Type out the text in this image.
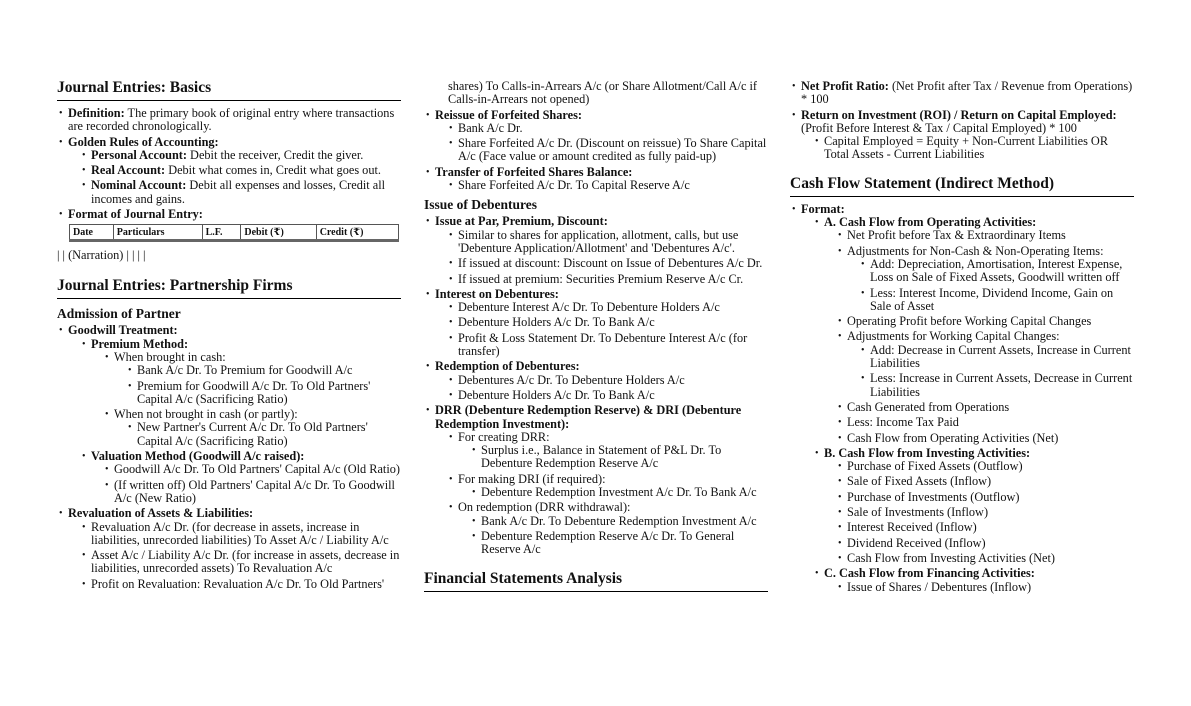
Journal Entries: Basics
• Definition: The primary book of original entry where transactions are recorded chronologically.
• Golden Rules of Accounting:
• Personal Account: Debit the receiver, Credit the giver.
• Real Account: Debit what comes in, Credit what goes out.
• Nominal Account: Debit all expenses and losses, Credit all incomes and gains.
• Format of Journal Entry:
Date	Particulars	L.F.	Debit (₹)	Credit (₹)
| | (Narration) | | | |
Journal Entries: Partnership Firms
Admission of Partner
• Goodwill Treatment:
• Premium Method:
• When brought in cash:
• Bank A/c Dr. To Premium for Goodwill A/c
• Premium for Goodwill A/c Dr. To Old Partners' Capital A/c (Sacrificing Ratio)
• When not brought in cash (or partly):
• New Partner's Current A/c Dr. To Old Partners' Capital A/c (Sacrificing Ratio)
• Valuation Method (Goodwill A/c raised):
• Goodwill A/c Dr. To Old Partners' Capital A/c (Old Ratio)
• (If written off) Old Partners' Capital A/c Dr. To Goodwill A/c (New Ratio)
• Revaluation of Assets & Liabilities:
• Revaluation A/c Dr. (for decrease in assets, increase in liabilities, unrecorded liabilities) To Asset A/c / Liability A/c
• Asset A/c / Liability A/c Dr. (for increase in assets, decrease in liabilities, unrecorded assets) To Revaluation A/c
• Profit on Revaluation: Revaluation A/c Dr. To Old Partners'
shares) To Calls-in-Arrears A/c (or Share Allotment/Call A/c if Calls-in-Arrears not opened)
• Reissue of Forfeited Shares:
• Bank A/c Dr.
• Share Forfeited A/c Dr. (Discount on reissue) To Share Capital A/c (Face value or amount credited as fully paid-up)
• Transfer of Forfeited Shares Balance:
• Share Forfeited A/c Dr. To Capital Reserve A/c
Issue of Debentures
• Issue at Par, Premium, Discount:
• Similar to shares for application, allotment, calls, but use 'Debenture Application/Allotment' and 'Debentures A/c'.
• If issued at discount: Discount on Issue of Debentures A/c Dr.
• If issued at premium: Securities Premium Reserve A/c Cr.
• Interest on Debentures:
• Debenture Interest A/c Dr. To Debenture Holders A/c
• Debenture Holders A/c Dr. To Bank A/c
• Profit & Loss Statement Dr. To Debenture Interest A/c (for transfer)
• Redemption of Debentures:
• Debentures A/c Dr. To Debenture Holders A/c
• Debenture Holders A/c Dr. To Bank A/c
• DRR (Debenture Redemption Reserve) & DRI (Debenture Redemption Investment):
• For creating DRR:
• Surplus i.e., Balance in Statement of P&L Dr. To Debenture Redemption Reserve A/c
• For making DRI (if required):
• Debenture Redemption Investment A/c Dr. To Bank A/c
• On redemption (DRR withdrawal):
• Bank A/c Dr. To Debenture Redemption Investment A/c
• Debenture Redemption Reserve A/c Dr. To General Reserve A/c
Financial Statements Analysis
• Net Profit Ratio: (Net Profit after Tax / Revenue from Operations) * 100
• Return on Investment (ROI) / Return on Capital Employed: (Profit Before Interest & Tax / Capital Employed) * 100
• Capital Employed = Equity + Non-Current Liabilities OR Total Assets - Current Liabilities
Cash Flow Statement (Indirect Method)
• Format:
• A. Cash Flow from Operating Activities:
• Net Profit before Tax & Extraordinary Items
• Adjustments for Non-Cash & Non-Operating Items:
• Add: Depreciation, Amortisation, Interest Expense, Loss on Sale of Fixed Assets, Goodwill written off
• Less: Interest Income, Dividend Income, Gain on Sale of Asset
• Operating Profit before Working Capital Changes
• Adjustments for Working Capital Changes:
• Add: Decrease in Current Assets, Increase in Current Liabilities
• Less: Increase in Current Assets, Decrease in Current Liabilities
• Cash Generated from Operations
• Less: Income Tax Paid
• Cash Flow from Operating Activities (Net)
• B. Cash Flow from Investing Activities:
• Purchase of Fixed Assets (Outflow)
• Sale of Fixed Assets (Inflow)
• Purchase of Investments (Outflow)
• Sale of Investments (Inflow)
• Interest Received (Inflow)
• Dividend Received (Inflow)
• Cash Flow from Investing Activities (Net)
• C. Cash Flow from Financing Activities:
• Issue of Shares / Debentures (Inflow)
